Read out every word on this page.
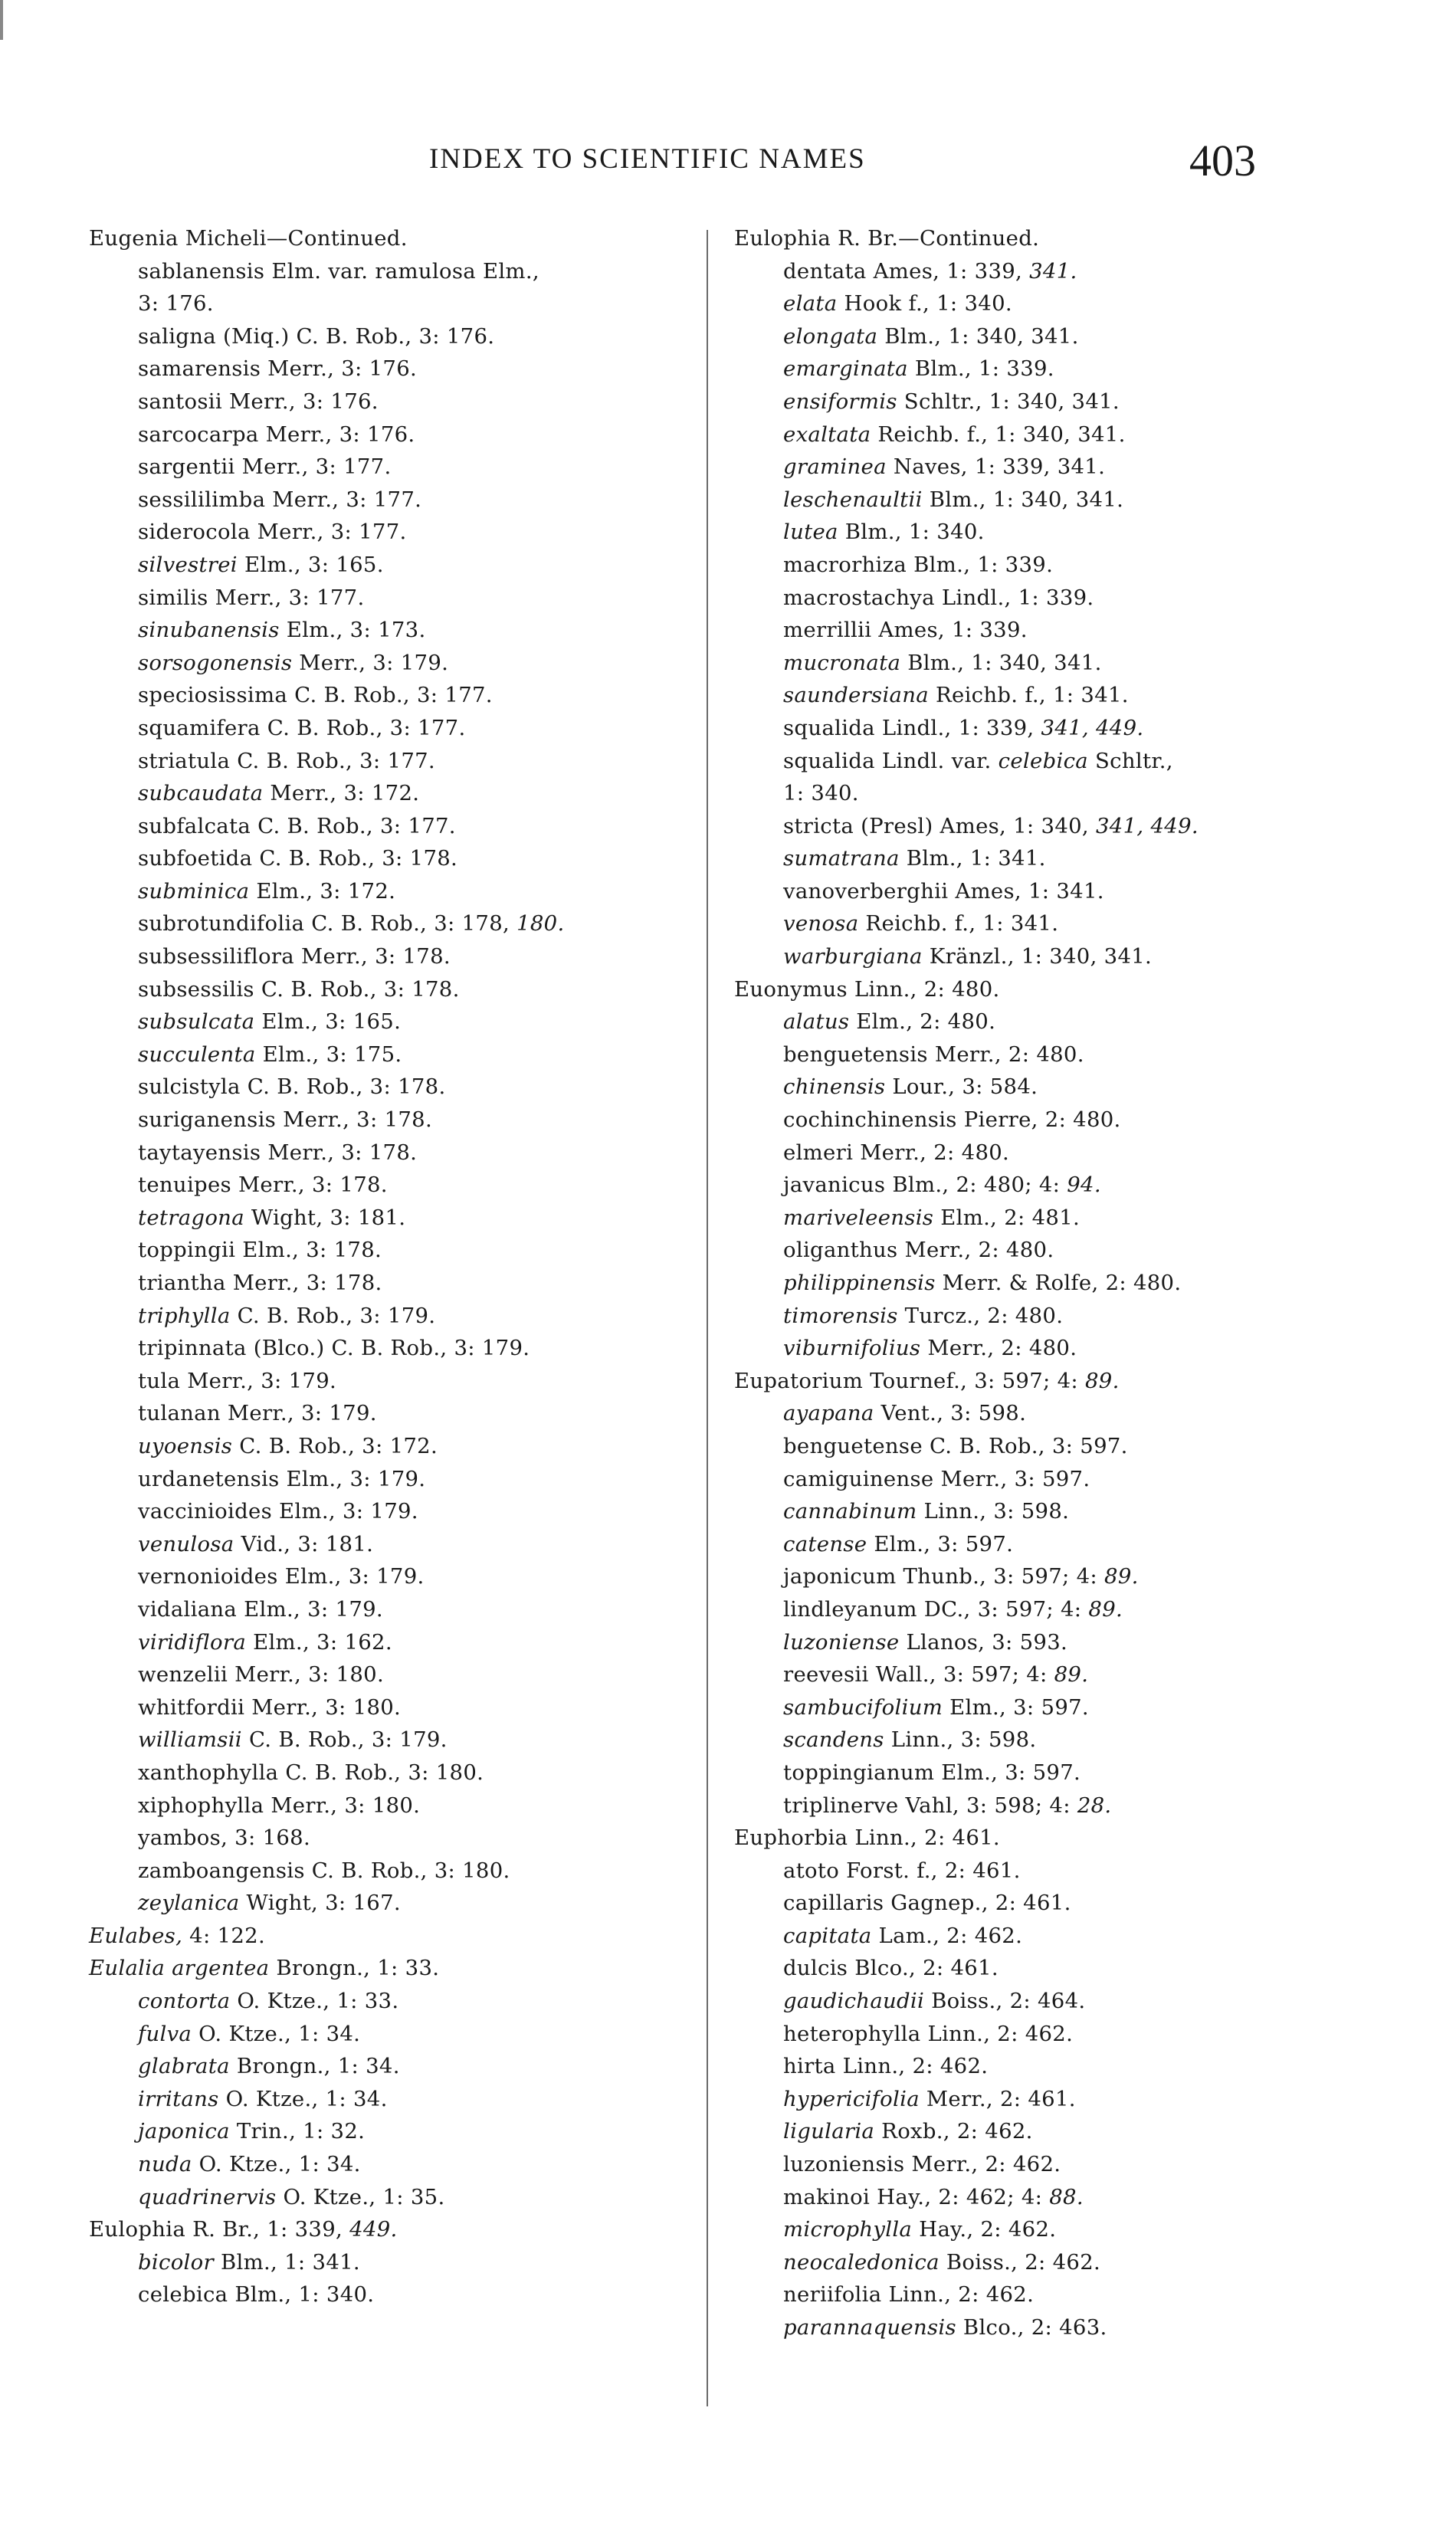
INDEX TO SCIENTIFIC NAMES	403
Eugenia Micheli—Continued.
sablanensis Elm. var. ramulosa Elm.,
3: 176.
saligna (Miq.) C. B. Rob., 3: 176.
samarensis Merr., 3: 176.
santosii Merr., 3: 176.
sarcocarpa Merr., 3: 176.
sargentii Merr., 3: 177.
sessililimba Merr., 3: 177.
siderocola Merr., 3: 177.
silvestrei Elm., 3: 165.
similis Merr., 3: 177.
sinubanensis Elm., 3: 173.
sorsogonensis Merr., 3: 179.
speciosissima C. B. Rob., 3: 177.
squamifera C. B. Rob., 3: 177.
striatula C. B. Rob., 3: 177.
subcaudata Merr., 3: 172.
subfalcata C. B. Rob., 3: 177.
subfoetida C. B. Rob., 3: 178.
subminica Elm., 3: 172.
subrotundifolia C. B. Rob., 3: 178, 180.
subsessiliflora Merr., 3: 178.
subsessilis C. B. Rob., 3: 178.
subsulcata Elm., 3: 165.
succulenta Elm., 3: 175.
sulcistyla C. B. Rob., 3: 178.
suriganensis Merr., 3: 178.
taytayensis Merr., 3: 178.
tenuipes Merr., 3: 178.
tetragona Wight, 3: 181.
toppingii Elm., 3: 178.
triantha Merr., 3: 178.
triphylla C. B. Rob., 3: 179.
tripinnata (Blco.) C. B. Rob., 3: 179.
tula Merr., 3: 179.
tulanan Merr., 3: 179.
uyoensis C. B. Rob., 3: 172.
urdanetensis Elm., 3: 179.
vaccinioides Elm., 3: 179.
venulosa Vid., 3: 181.
vernonioides Elm., 3: 179.
vidaliana Elm., 3: 179.
viridiflora Elm., 3: 162.
wenzelii Merr., 3: 180.
whitfordii Merr., 3: 180.
williamsii C. B. Rob., 3: 179.
xanthophylla C. B. Rob., 3: 180.
xiphophylla Merr., 3: 180.
yambos, 3: 168.
zamboangensis C. B. Rob., 3: 180.
zeylanica Wight, 3: 167.
Eulabes, 4: 122.
Eulalia argentea Brongn., 1: 33.
contorta O. Ktze., 1: 33.
fulva O. Ktze., 1: 34.
glabrata Brongn., 1: 34.
irritans O. Ktze., 1: 34.
japonica Trin., 1: 32.
nuda O. Ktze., 1: 34.
quadrinervis O. Ktze., 1: 35.
Eulophia R. Br., 1: 339, 449.
bicolor Blm., 1: 341.
celebica Blm., 1: 340.
Eulophia R. Br.—Continued.
dentata Ames, 1: 339, 341.
elata Hook f., 1: 340.
elongata Blm., 1: 340, 341.
emarginata Blm., 1: 339.
ensiformis Schltr., 1: 340, 341.
exaltata Reichb. f., 1: 340, 341.
graminea Naves, 1: 339, 341.
leschenaultii Blm., 1: 340, 341.
lutea Blm., 1: 340.
macrorhiza Blm., 1: 339.
macrostachya Lindl., 1: 339.
merrillii Ames, 1: 339.
mucronata Blm., 1: 340, 341.
saundersiana Reichb. f., 1: 341.
squalida Lindl., 1: 339, 341, 449.
squalida Lindl. var. celebica Schltr.,
1: 340.
stricta (Presl) Ames, 1: 340, 341, 449.
sumatrana Blm., 1: 341.
vanoverberghii Ames, 1: 341.
venosa Reichb. f., 1: 341.
warburgiana Kränzl., 1: 340, 341.
Euonymus Linn., 2: 480.
alatus Elm., 2: 480.
benguetensis Merr., 2: 480.
chinensis Lour., 3: 584.
cochinchinensis Pierre, 2: 480.
elmeri Merr., 2: 480.
javanicus Blm., 2: 480; 4: 94.
mariveleensis Elm., 2: 481.
oliganthus Merr., 2: 480.
philippinensis Merr. & Rolfe, 2: 480.
timorensis Turcz., 2: 480.
viburnifolius Merr., 2: 480.
Eupatorium Tournef., 3: 597; 4: 89.
ayapana Vent., 3: 598.
benguetense C. B. Rob., 3: 597.
camiguinense Merr., 3: 597.
cannabinum Linn., 3: 598.
catense Elm., 3: 597.
japonicum Thunb., 3: 597; 4: 89.
lindleyanum DC., 3: 597; 4: 89.
luzoniense Llanos, 3: 593.
reevesii Wall., 3: 597; 4: 89.
sambucifolium Elm., 3: 597.
scandens Linn., 3: 598.
toppingianum Elm., 3: 597.
triplinerve Vahl, 3: 598; 4: 28.
Euphorbia Linn., 2: 461.
atoto Forst. f., 2: 461.
capillaris Gagnep., 2: 461.
capitata Lam., 2: 462.
dulcis Blco., 2: 461.
gaudichaudii Boiss., 2: 464.
heterophylla Linn., 2: 462.
hirta Linn., 2: 462.
hypericifolia Merr., 2: 461.
ligularia Roxb., 2: 462.
luzoniensis Merr., 2: 462.
makinoi Hay., 2: 462; 4: 88.
microphylla Hay., 2: 462.
neocaledonica Boiss., 2: 462.
neriifolia Linn., 2: 462.
parannaquensis Blco., 2: 463.
